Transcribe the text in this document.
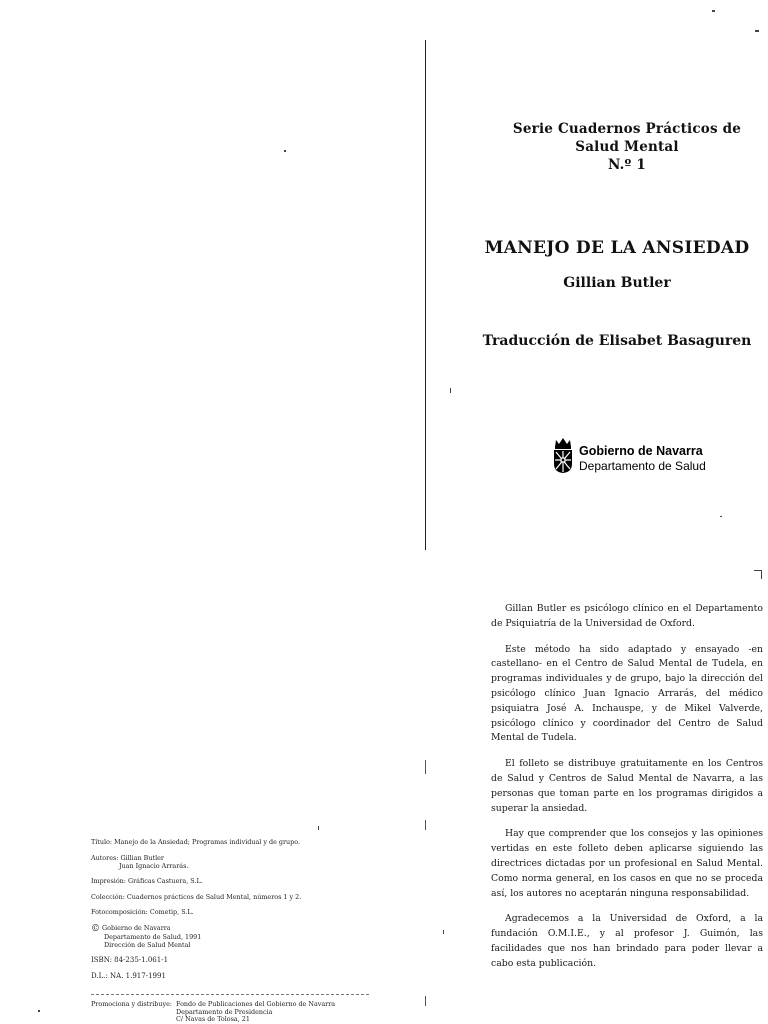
Serie Cuadernos Prácticos de Salud Mental
N.º 1
MANEJO DE LA ANSIEDAD
Gillian Butler
Traducción de Elisabet Basaguren
Gobierno de Navarra
Departamento de Salud

Gillan Butler es psicólogo clínico en el Departamento de Psiquiatría de la Universidad de Oxford.

Este método ha sido adaptado y ensayado -en castellano- en el Centro de Salud Mental de Tudela, en programas individuales y de grupo, bajo la dirección del psicólogo clínico Juan Ignacio Arrarás, del médico psiquiatra José A. Inchauspe, y de Mikel Valverde, psicólogo clínico y coordinador del Centro de Salud Mental de Tudela.

El folleto se distribuye gratuitamente en los Centros de Salud y Centros de Salud Mental de Navarra, a las personas que toman parte en los programas dirigidos a superar la ansiedad.

Hay que comprender que los consejos y las opiniones vertidas en este folleto deben aplicarse siguiendo las directrices dictadas por un profesional en Salud Mental. Como norma general, en los casos en que no se proceda así, los autores no aceptarán ninguna responsabilidad.

Agradecemos a la Universidad de Oxford, a la fundación O.M.I.E., y al profesor J. Guimón, las facilidades que nos han brindado para poder llevar a cabo esta publicación.

Título: Manejo de la Ansiedad; Programas individual y de grupo.
Autores: Gillian Butler
Juan Ignacio Arrarás.
Impresión: Gráficas Castuera, S.L.
Colección: Cuadernos prácticos de Salud Mental, números 1 y 2.
Fotocomposición: Cometip, S.L.
© Gobierno de Navarra
Departamento de Salud, 1991
Dirección de Salud Mental
ISBN: 84-235-1.061-1
D.L.: NA. 1.917-1991
Promociona y distribuye: Fondo de Publicaciones del Gobierno de Navarra
Departamento de Presidencia
C/ Navas de Tolosa, 21
